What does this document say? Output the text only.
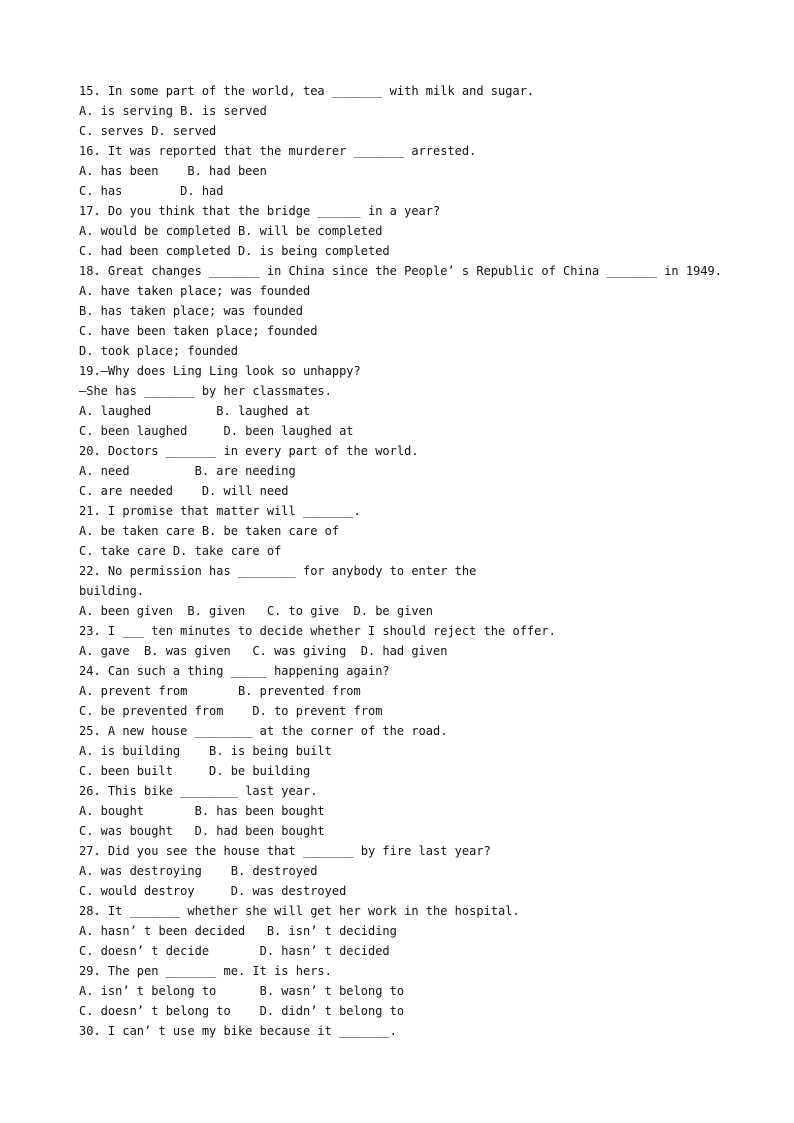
15. In some part of the world, tea _______ with milk and sugar.
A. is serving B. is served
C. serves D. served
16. It was reported that the murderer _______ arrested.
A. has been    B. had been
C. has        D. had
17. Do you think that the bridge ______ in a year?
A. would be completed B. will be completed
C. had been completed D. is being completed
18. Great changes _______ in China since the People’ s Republic of China _______ in 1949.
A. have taken place; was founded
B. has taken place; was founded
C. have been taken place; founded
D. took place; founded
19.—Why does Ling Ling look so unhappy?
—She has _______ by her classmates.
A. laughed         B. laughed at
C. been laughed     D. been laughed at
20. Doctors _______ in every part of the world.
A. need         B. are needing
C. are needed    D. will need
21. I promise that matter will _______.
A. be taken care B. be taken care of
C. take care D. take care of
22. No permission has ________ for anybody to enter the
building.
A. been given  B. given   C. to give  D. be given
23. I ___ ten minutes to decide whether I should reject the offer.
A. gave  B. was given   C. was giving  D. had given
24. Can such a thing _____ happening again?
A. prevent from       B. prevented from
C. be prevented from    D. to prevent from
25. A new house ________ at the corner of the road.
A. is building    B. is being built
C. been built     D. be building
26. This bike ________ last year.
A. bought       B. has been bought
C. was bought   D. had been bought
27. Did you see the house that _______ by fire last year?
A. was destroying    B. destroyed
C. would destroy     D. was destroyed
28. It _______ whether she will get her work in the hospital.
A. hasn’ t been decided   B. isn’ t deciding
C. doesn’ t decide       D. hasn’ t decided
29. The pen _______ me. It is hers.
A. isn’ t belong to      B. wasn’ t belong to
C. doesn’ t belong to    D. didn’ t belong to
30. I can’ t use my bike because it _______.
